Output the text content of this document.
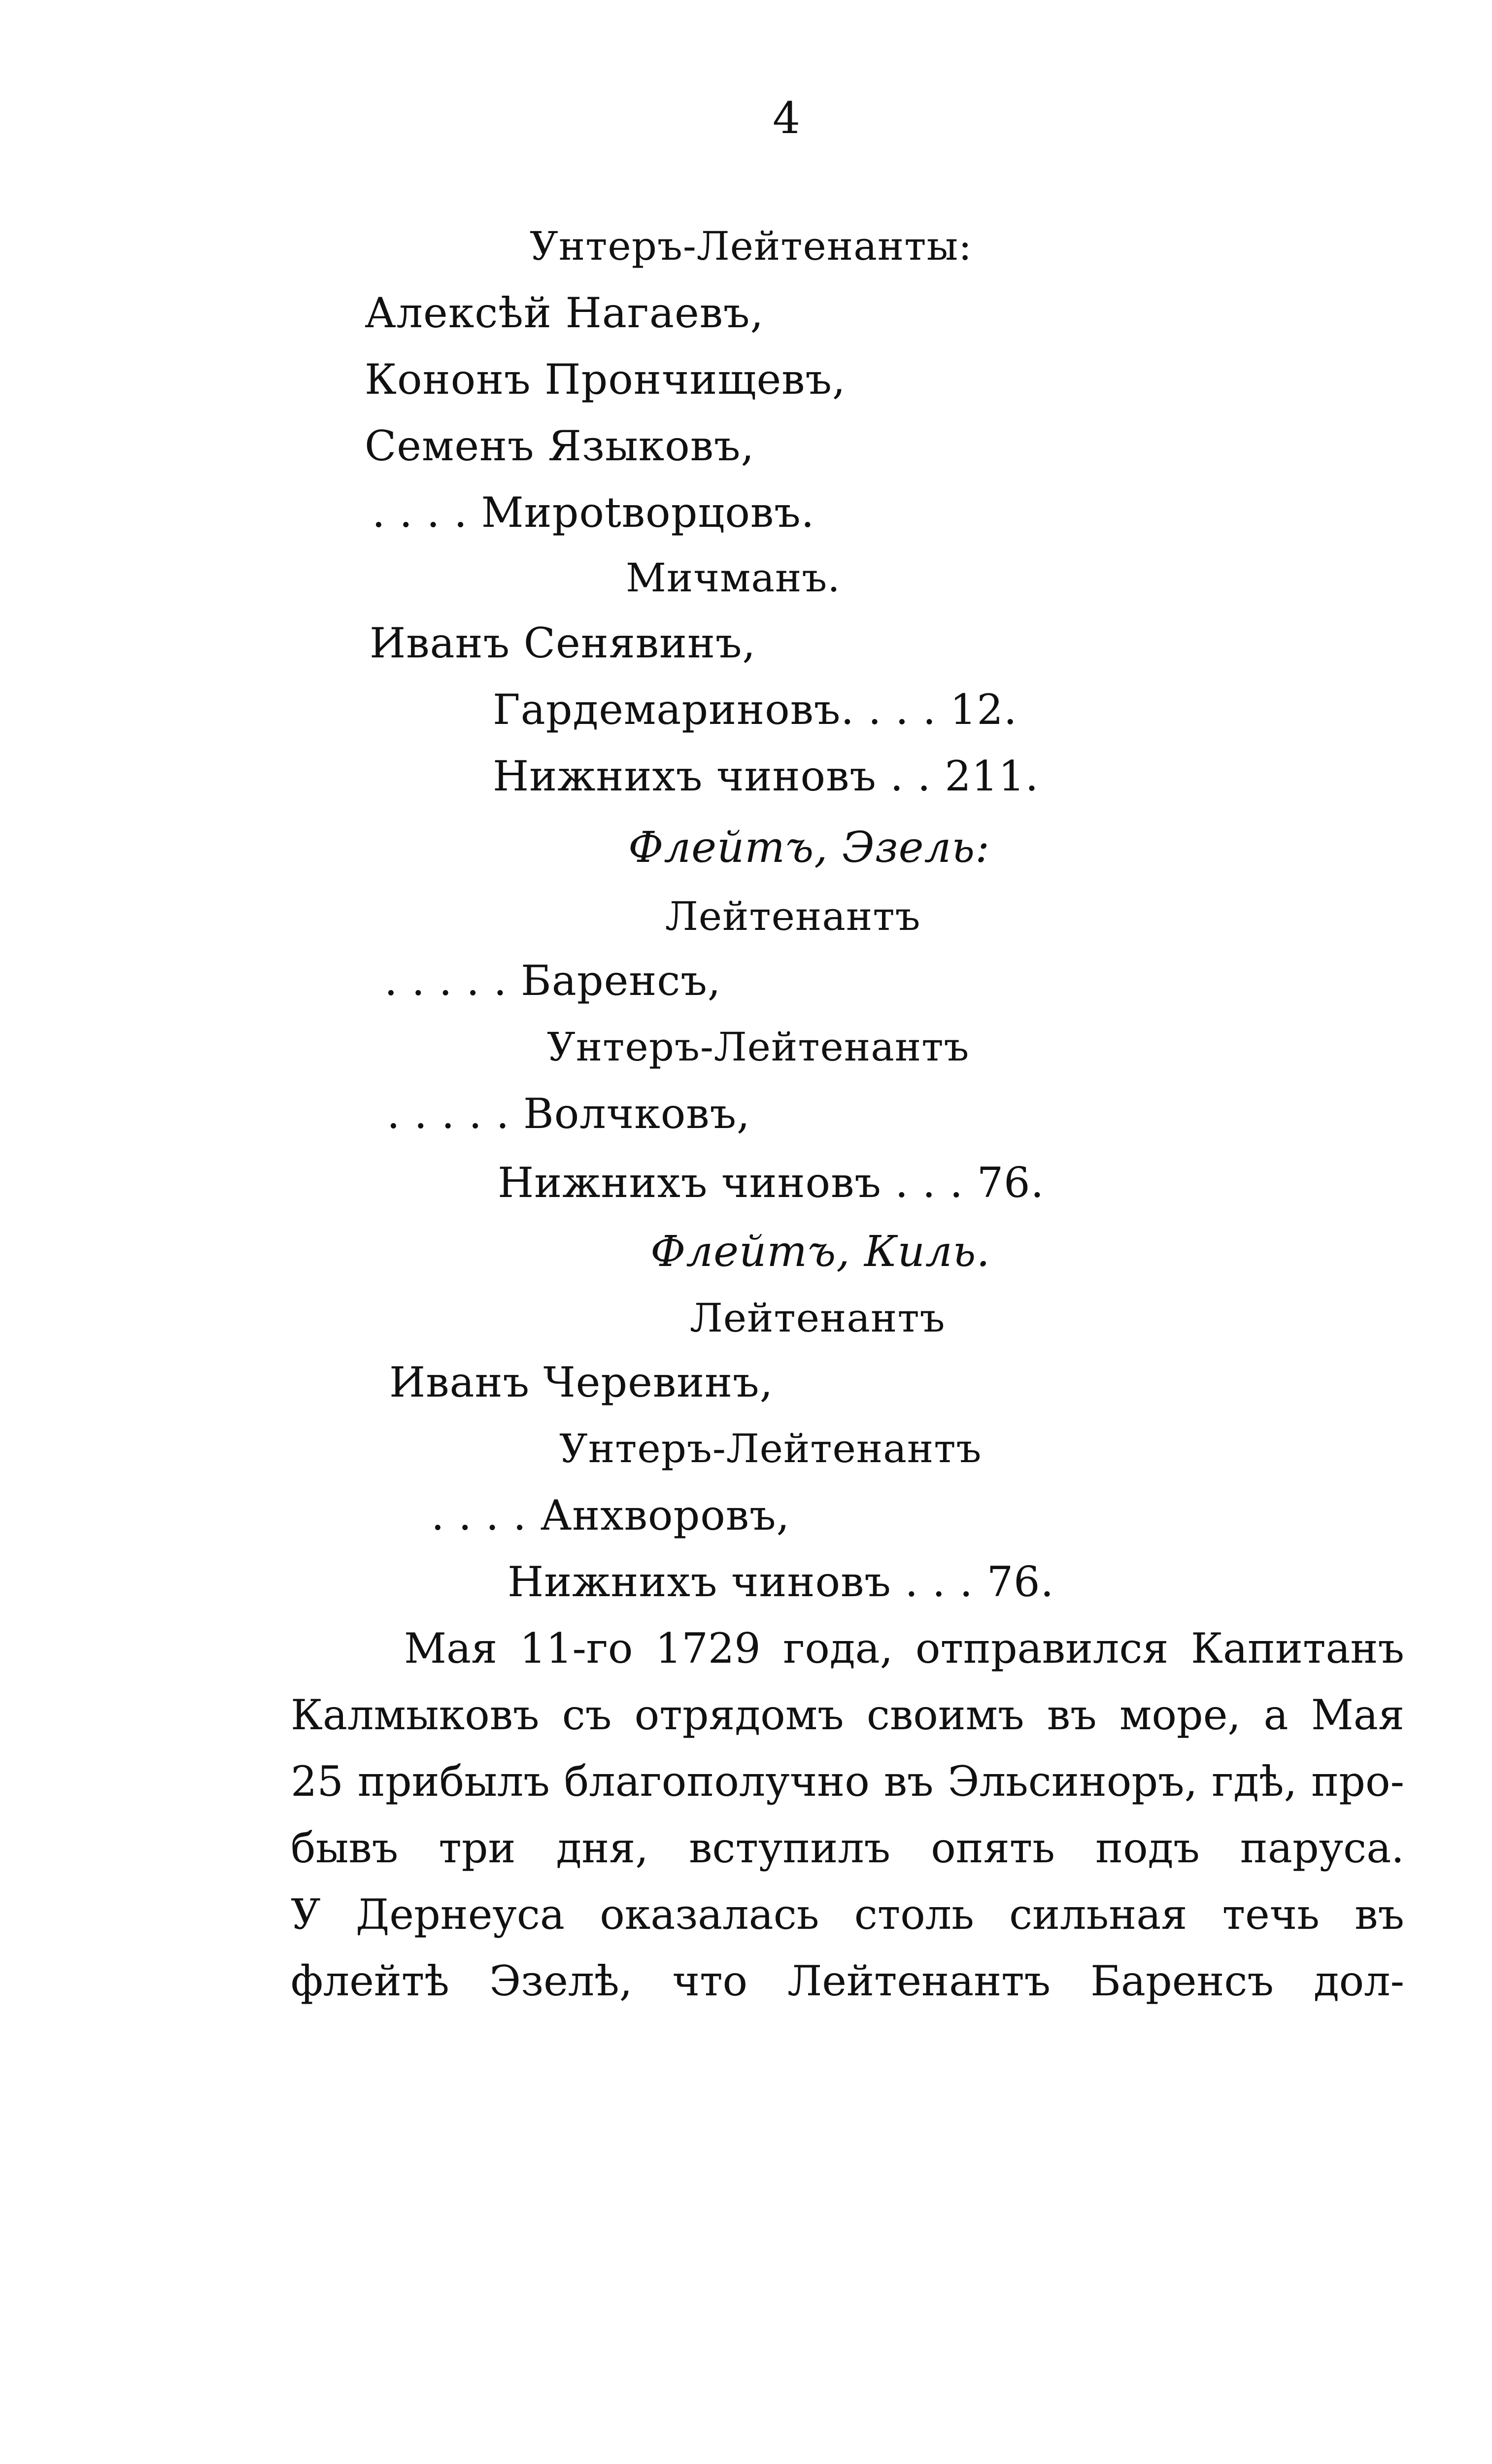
4
Унтеръ-Лейтенанты:
Алексѣй Нагаевъ,
Кононъ Прончищевъ,
Семенъ Языковъ,
. . . . Мироtворцовъ.
Мичманъ.
Иванъ Сенявинъ,
Гардемариновъ. . . . 12.
Нижнихъ чиновъ . . 211.
Флейтъ, Эзель:
Лейтенантъ
. . . . . Баренсъ,
Унтеръ-Лейтенантъ
. . . . . Волчковъ,
Нижнихъ чиновъ . . . 76.
Флейтъ, Киль.
Лейтенантъ
Иванъ Черевинъ,
Унтеръ-Лейтенантъ
. . . . Анхворовъ,
Нижнихъ чиновъ . . . 76.
Мая 11-го 1729 года, отправился Капитанъ
Калмыковъ съ отрядомъ своимъ въ море, а Мая
25 прибылъ благополучно въ Эльсиноръ, гдѣ, про-
бывъ три дня, вступилъ опять подъ паруса.
У Дернеуса оказалась столь сильная течь въ
флейтѣ Эзелѣ, что Лейтенантъ Баренсъ дол-
